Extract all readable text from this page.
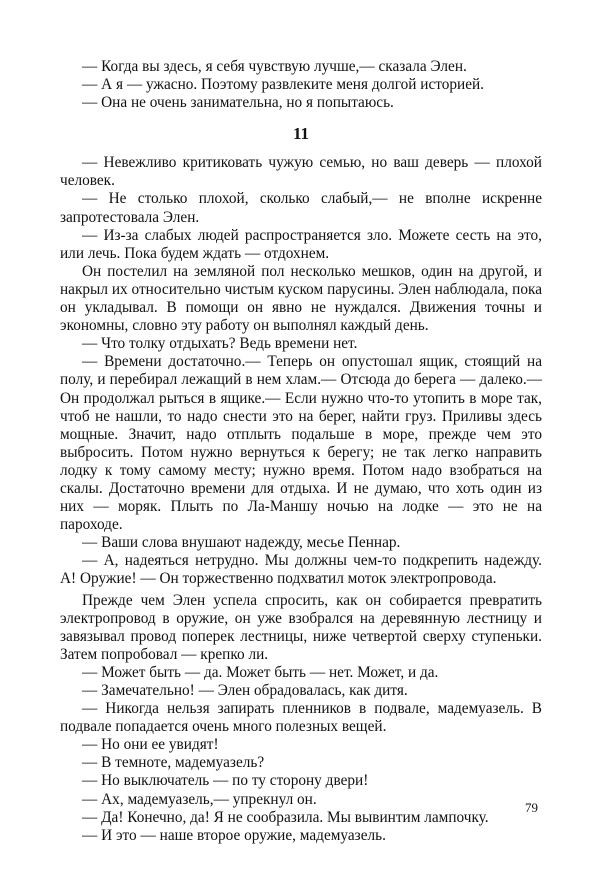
— Когда вы здесь, я себя чувствую лучше,— сказала Элен.

— А я — ужасно. Поэтому развлеките меня долгой историей.

— Она не очень занимательна, но я попытаюсь.

11

— Невежливо критиковать чужую семью, но ваш деверь — плохой человек.

— Не столько плохой, сколько слабый,— не вполне искренне запротестовала Элен.

— Из-за слабых людей распространяется зло. Можете сесть на это, или лечь. Пока будем ждать — отдохнем.

Он постелил на земляной пол несколько мешков, один на другой, и накрыл их относительно чистым куском парусины. Элен наблюдала, пока он укладывал. В помощи он явно не нуждался. Движения точны и экономны, словно эту работу он выполнял каждый день.

— Что толку отдыхать? Ведь времени нет.

— Времени достаточно.— Теперь он опустошал ящик, стоящий на полу, и перебирал лежащий в нем хлам.— Отсюда до берега — далеко.— Он продолжал рыться в ящике.— Если нужно что-то утопить в море так, чтоб не нашли, то надо снести это на берег, найти груз. Приливы здесь мощные. Значит, надо отплыть подальше в море, прежде чем это выбросить. Потом нужно вернуться к берегу; не так легко направить лодку к тому самому месту; нужно время. Потом надо взобраться на скалы. Достаточно времени для отдыха. И не думаю, что хоть один из них — моряк. Плыть по Ла-Маншу ночью на лодке — это не на пароходе.

— Ваши слова внушают надежду, месье Пеннар.

— А, надеяться нетрудно. Мы должны чем-то подкрепить надежду. А! Оружие! — Он торжественно подхватил моток электропровода.

Прежде чем Элен успела спросить, как он собирается превратить электропровод в оружие, он уже взобрался на деревянную лестницу и завязывал провод поперек лестницы, ниже четвертой сверху ступеньки. Затем попробовал — крепко ли.

— Может быть — да. Может быть — нет. Может, и да.

— Замечательно! — Элен обрадовалась, как дитя.

— Никогда нельзя запирать пленников в подвале, мадемуазель. В подвале попадается очень много полезных вещей.

— Но они ее увидят!

— В темноте, мадемуазель?

— Но выключатель — по ту сторону двери!

— Ах, мадемуазель,— упрекнул он.

— Да! Конечно, да! Я не сообразила. Мы вывинтим лампочку.

— И это — наше второе оружие, мадемуазель.

79
